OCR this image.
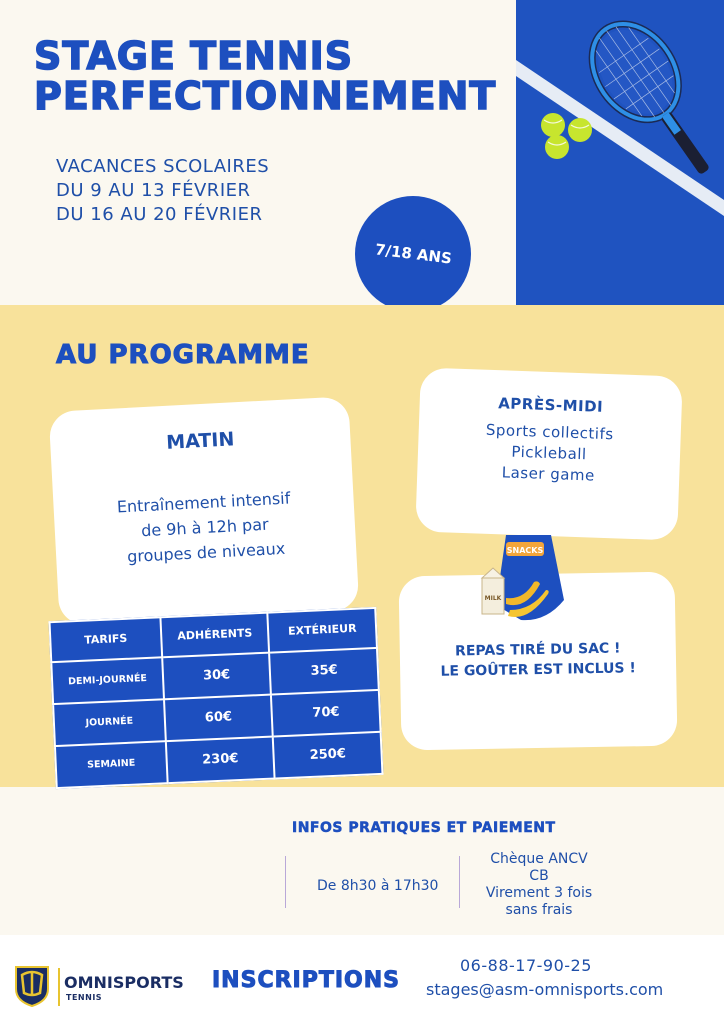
STAGE TENNIS
PERFECTIONNEMENT
VACANCES SCOLAIRES
DU 9 AU 13 FÉVRIER
DU 16 AU 20 FÉVRIER
7/18 ANS
AU PROGRAMME
MATIN
Entraînement intensif
de 9h à 12h par
groupes de niveaux
APRÈS-MIDI
Sports collectifs
Pickleball
Laser game
REPAS TIRÉ DU SAC !
LE GOÛTER EST INCLUS !
SNACKS
MILK
TARIFS	ADHÉRENTS	EXTÉRIEUR
DEMI-JOURNÉE	30€	35€
JOURNÉE	60€	70€
SEMAINE	230€	250€
INFOS PRATIQUES ET PAIEMENT
De 8h30 à 17h30
Chèque ANCV
CB
Virement 3 fois
sans frais
OMNISPORTS
TENNIS
INSCRIPTIONS
06-88-17-90-25
stages@asm-omnisports.com
